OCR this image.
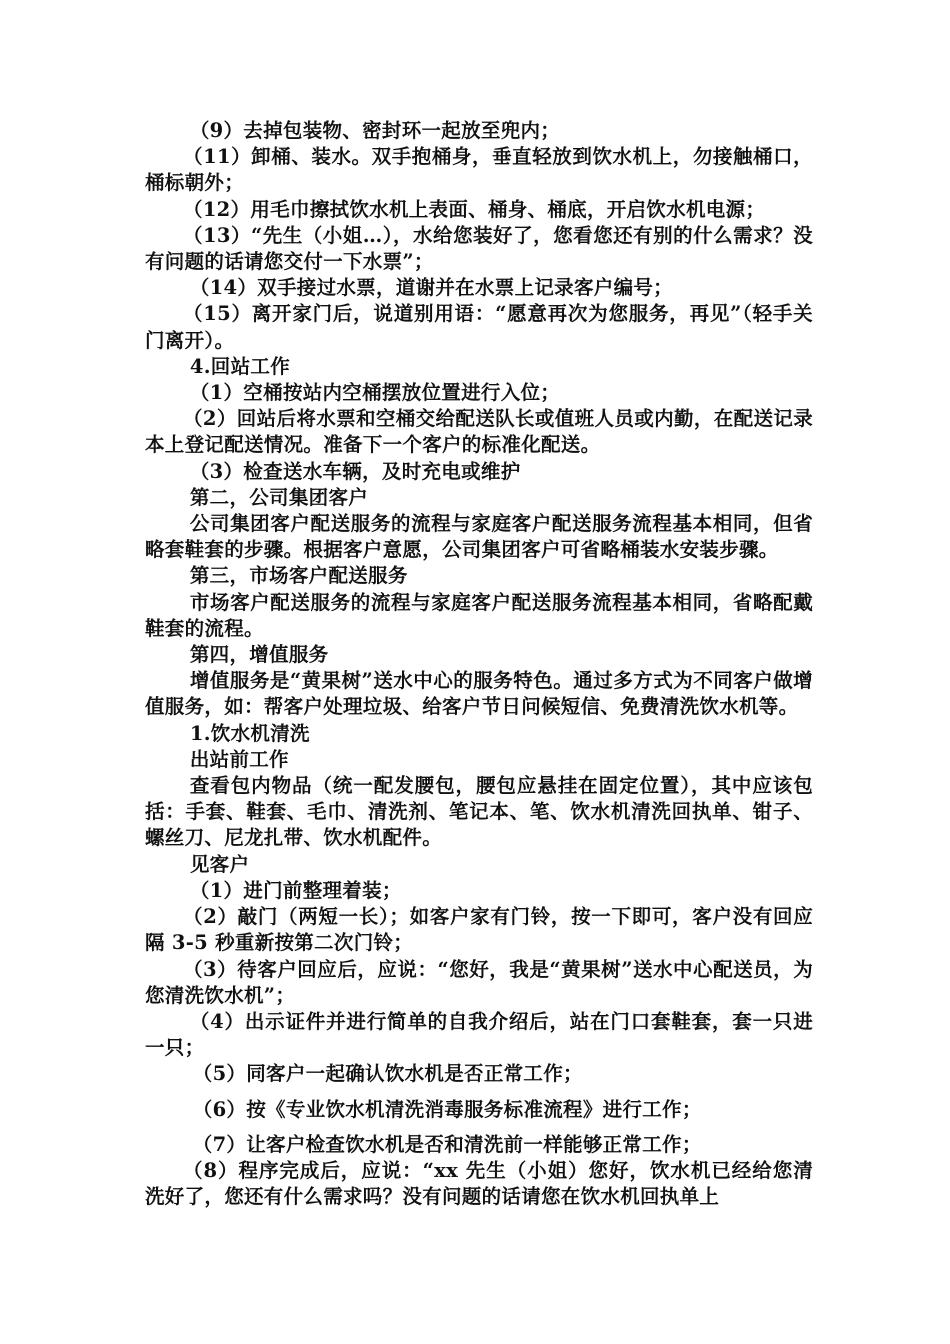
（9）去掉包装物、密封环一起放至兜内；

（11）卸桶、装水。双手抱桶身，垂直轻放到饮水机上，勿接触桶口，桶标朝外；

（12）用毛巾擦拭饮水机上表面、桶身、桶底，开启饮水机电源；

（13）“先生（小姐…），水给您装好了，您看您还有别的什么需求？没有问题的话请您交付一下水票”；

（14）双手接过水票，道谢并在水票上记录客户编号；

（15）离开家门后，说道别用语：“愿意再次为您服务，再见”（轻手关门离开）。

4.回站工作

（1）空桶按站内空桶摆放位置进行入位；

（2）回站后将水票和空桶交给配送队长或值班人员或内勤，在配送记录本上登记配送情况。准备下一个客户的标准化配送。

（3）检查送水车辆，及时充电或维护

第二，公司集团客户

公司集团客户配送服务的流程与家庭客户配送服务流程基本相同，但省略套鞋套的步骤。根据客户意愿，公司集团客户可省略桶装水安装步骤。

第三，市场客户配送服务

市场客户配送服务的流程与家庭客户配送服务流程基本相同，省略配戴鞋套的流程。

第四，增值服务

增值服务是“黄果树”送水中心的服务特色。通过多方式为不同客户做增值服务，如：帮客户处理垃圾、给客户节日问候短信、免费清洗饮水机等。

1.饮水机清洗

出站前工作

查看包内物品（统一配发腰包，腰包应悬挂在固定位置），其中应该包括：手套、鞋套、毛巾、清洗剂、笔记本、笔、饮水机清洗回执单、钳子、螺丝刀、尼龙扎带、饮水机配件。

见客户

（1）进门前整理着装；

（2）敲门（两短一长）；如客户家有门铃，按一下即可，客户没有回应隔 3-5 秒重新按第二次门铃；

（3）待客户回应后，应说：“您好，我是“黄果树”送水中心配送员，为您清洗饮水机”；

（4）出示证件并进行简单的自我介绍后，站在门口套鞋套，套一只进一只；

（5）同客户一起确认饮水机是否正常工作；

（6）按《专业饮水机清洗消毒服务标准流程》进行工作；

（7）让客户检查饮水机是否和清洗前一样能够正常工作；

（8）程序完成后，应说：“xx 先生（小姐）您好，饮水机已经给您清洗好了，您还有什么需求吗？没有问题的话请您在饮水机回执单上
